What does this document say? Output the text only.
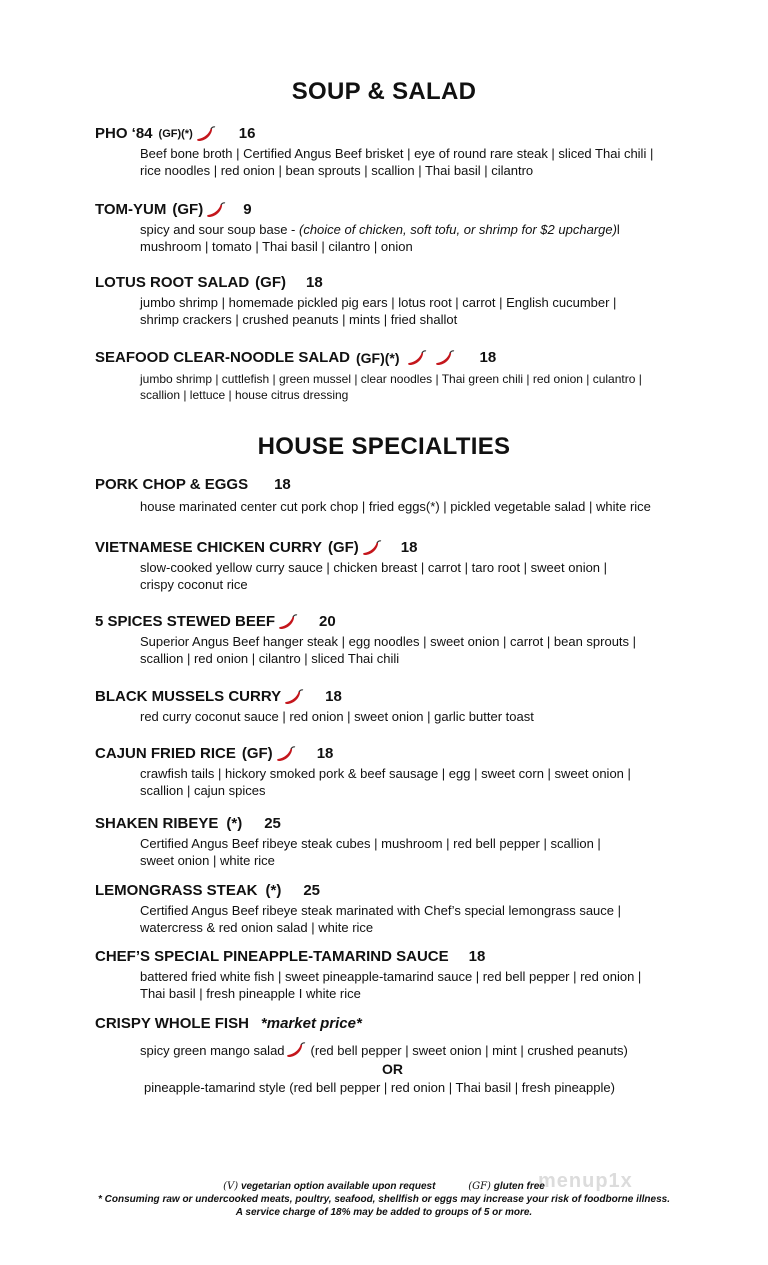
SOUP & SALAD
PHO ‘84 (GF)(*)	16
Beef bone broth | Certified Angus Beef brisket | eye of round rare steak | sliced Thai chili |
rice noodles | red onion | bean sprouts | scallion | Thai basil | cilantro
TOM-YUM (GF)	9
spicy and sour soup base - (choice of chicken, soft tofu, or shrimp for $2 upcharge)l
mushroom | tomato | Thai basil | cilantro | onion
LOTUS ROOT SALAD (GF) 18
jumbo shrimp | homemade pickled pig ears | lotus root | carrot | English cucumber |
shrimp crackers | crushed peanuts | mints | fried shallot
SEAFOOD CLEAR-NOODLE SALAD (GF)(*)	18
jumbo shrimp | cuttlefish | green mussel | clear noodles | Thai green chili | red onion | culantro |
scallion | lettuce | house citrus dressing
HOUSE SPECIALTIES
PORK CHOP & EGGS 18
house marinated center cut pork chop | fried eggs(*) | pickled vegetable salad | white rice
VIETNAMESE CHICKEN CURRY (GF)	18
slow-cooked yellow curry sauce | chicken breast | carrot | taro root | sweet onion |
crispy coconut rice
5 SPICES STEWED BEEF	20
Superior Angus Beef hanger steak | egg noodles | sweet onion | carrot | bean sprouts |
scallion | red onion | cilantro | sliced Thai chili
BLACK MUSSELS CURRY	18
red curry coconut sauce | red onion | sweet onion | garlic butter toast
CAJUN FRIED RICE (GF)	18
crawfish tails | hickory smoked pork & beef sausage | egg | sweet corn | sweet onion |
scallion | cajun spices
SHAKEN RIBEYE (*) 25
Certified Angus Beef ribeye steak cubes | mushroom | red bell pepper | scallion |
sweet onion | white rice
LEMONGRASS STEAK (*) 25
Certified Angus Beef ribeye steak marinated with Chef’s special lemongrass sauce |
watercress & red onion salad | white rice
CHEF’S SPECIAL PINEAPPLE-TAMARIND SAUCE 18
battered fried white fish | sweet pineapple-tamarind sauce | red bell pepper | red onion |
Thai basil | fresh pineapple I white rice
CRISPY WHOLE FISH *market price*
spicy green mango salad (red bell pepper | sweet onion | mint | crushed peanuts)
OR
pineapple-tamarind style (red bell pepper | red onion | Thai basil | fresh pineapple)
menup1x
(V) vegetarian option available upon request	(GF) gluten free
* Consuming raw or undercooked meats, poultry, seafood, shellfish or eggs may increase your risk of foodborne illness.
A service charge of 18% may be added to groups of 5 or more.
